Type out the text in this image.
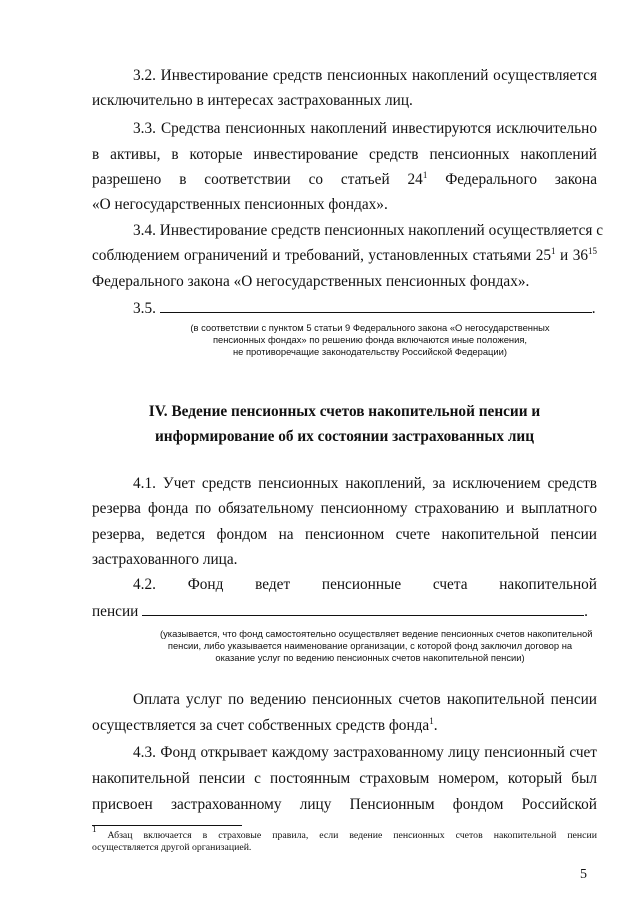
3.2. Инвестирование средств пенсионных накоплений осуществляется
исключительно в интересах застрахованных лиц.
3.3. Средства пенсионных накоплений инвестируются исключительно
в активы, в которые инвестирование средств пенсионных накоплений
разрешено в соответствии со статьей $24^1$ Федерального закона
«О негосударственных пенсионных фондах».
3.4. Инвестирование средств пенсионных накоплений осуществляется с
соблюдением ограничений и требований, установленных статьями $25^1$ и $36^{15}$
Федерального закона «О негосударственных пенсионных фондах».
3.5.	.
(в соответствии с пунктом 5 статьи 9 Федерального закона «О негосударственных
пенсионных фондах» по решению фонда включаются иные положения,
не противоречащие законодательству Российской Федерации)
IV. Ведение пенсионных счетов накопительной пенсии и
информирование об их состоянии застрахованных лиц
4.1. Учет средств пенсионных накоплений, за исключением средств
резерва фонда по обязательному пенсионному страхованию и выплатного
резерва, ведется фондом на пенсионном счете накопительной пенсии
застрахованного лица.
4.2. Фонд ведет пенсионные счета накопительной
пенсии	.
(указывается, что фонд самостоятельно осуществляет ведение пенсионных счетов накопительной
пенсии, либо указывается наименование организации, с которой фонд заключил договор на
оказание услуг по ведению пенсионных счетов накопительной пенсии)
Оплата услуг по ведению пенсионных счетов накопительной пенсии
осуществляется за счет собственных средств фонда$^1$.
4.3. Фонд открывает каждому застрахованному лицу пенсионный счет
накопительной пенсии с постоянным страховым номером, который был
присвоен застрахованному лицу Пенсионным фондом Российской
$^1$ Абзац включается в страховые правила, если ведение пенсионных счетов накопительной пенсии
осуществляется другой организацией.
5
